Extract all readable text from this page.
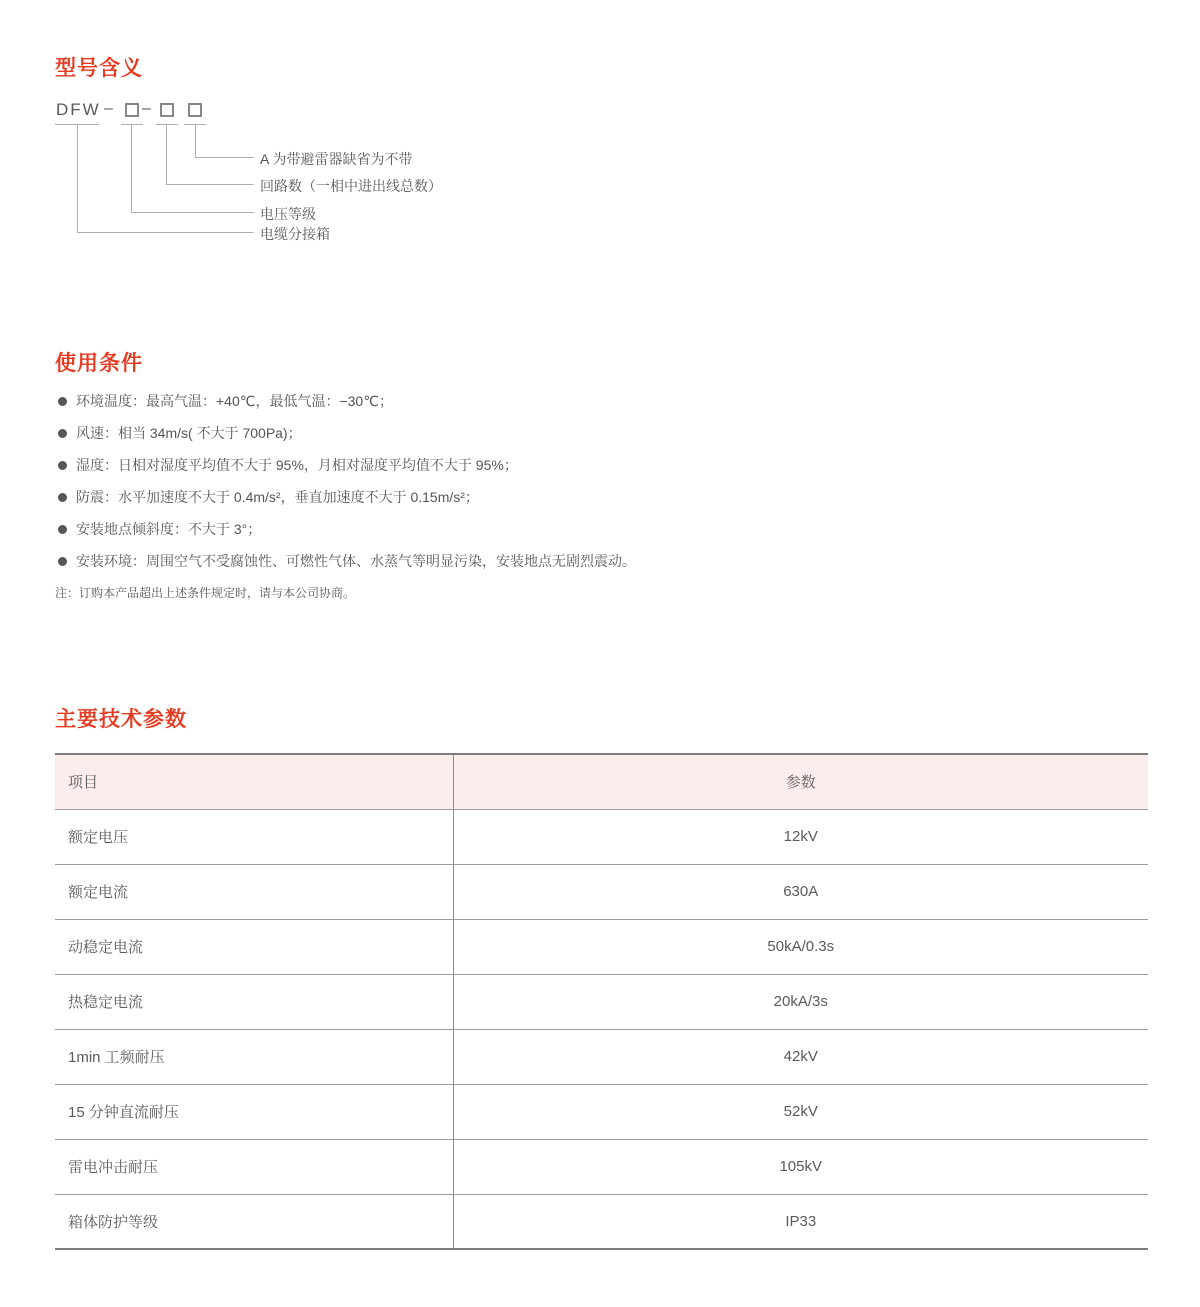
型号含义
DFW – –
A 为带避雷器缺省为不带
回路数（一相中进出线总数）
电压等级
电缆分接箱
使用条件
环境温度：最高气温：+40℃，最低气温：−30℃；
风速：相当 34m/s( 不大于 700Pa)；
湿度：日相对湿度平均值不大于 95%，月相对湿度平均值不大于 95%；
防震：水平加速度不大于 0.4m/s²，垂直加速度不大于 0.15m/s²；
安装地点倾斜度：不大于 3°；
安装环境：周围空气不受腐蚀性、可燃性气体、水蒸气等明显污染，安装地点无剧烈震动。
注：订购本产品超出上述条件规定时，请与本公司协商。
主要技术参数
项目	参数
额定电压	12kV
额定电流	630A
动稳定电流	50kA/0.3s
热稳定电流	20kA/3s
1min 工频耐压	42kV
15 分钟直流耐压	52kV
雷电冲击耐压	105kV
箱体防护等级	IP33
